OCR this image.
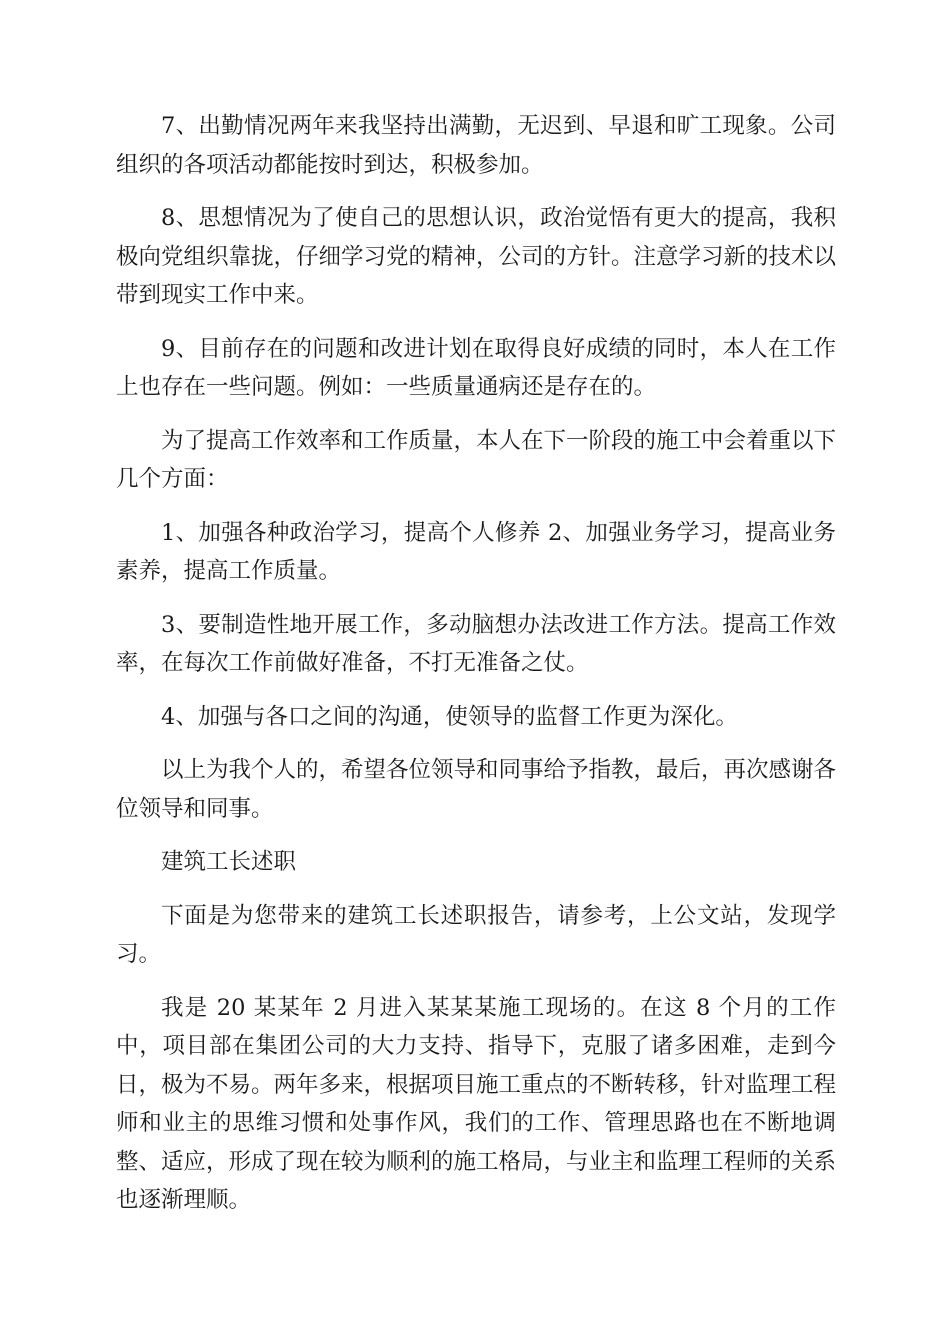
7、出勤情况两年来我坚持出满勤，无迟到、早退和旷工现象。公司组织的各项活动都能按时到达，积极参加。

8、思想情况为了使自己的思想认识，政治觉悟有更大的提高，我积极向党组织靠拢，仔细学习党的精神，公司的方针。注意学习新的技术以带到现实工作中来。

9、目前存在的问题和改进计划在取得良好成绩的同时，本人在工作上也存在一些问题。例如：一些质量通病还是存在的。

为了提高工作效率和工作质量，本人在下一阶段的施工中会着重以下几个方面：

1、加强各种政治学习，提高个人修养 2、加强业务学习，提高业务素养，提高工作质量。

3、要制造性地开展工作，多动脑想办法改进工作方法。提高工作效率，在每次工作前做好准备，不打无准备之仗。

4、加强与各口之间的沟通，使领导的监督工作更为深化。

以上为我个人的，希望各位领导和同事给予指教，最后，再次感谢各位领导和同事。

建筑工长述职

下面是为您带来的建筑工长述职报告，请参考，上公文站，发现学习。

我是 20 某某年 2 月进入某某某施工现场的。在这 8 个月的工作中，项目部在集团公司的大力支持、指导下，克服了诸多困难，走到今日，极为不易。两年多来，根据项目施工重点的不断转移，针对监理工程师和业主的思维习惯和处事作风，我们的工作、管理思路也在不断地调整、适应，形成了现在较为顺利的施工格局，与业主和监理工程师的关系也逐渐理顺。
